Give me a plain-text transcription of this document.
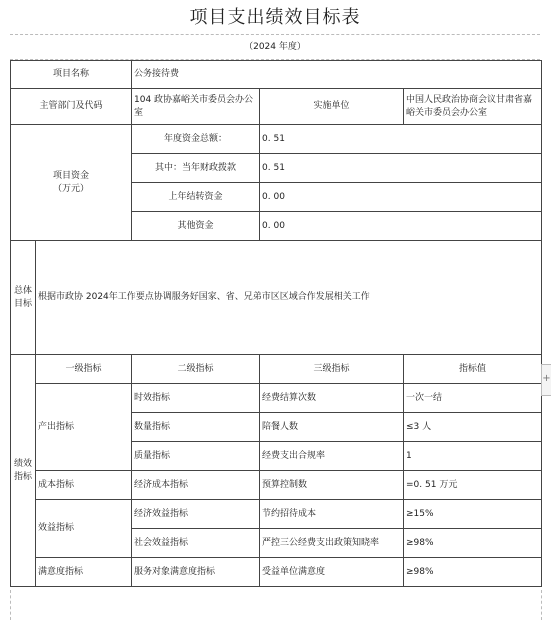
项目支出绩效目标表
（2024 年度）
项目名称		公务接待费		
主管部门及代码		104 政协嘉峪关市委员会办公室	实施单位	中国人民政治协商会议甘肃省嘉峪关市委员会办公室

项目资金
（万元）		年度资金总额：	0. 51	
		其中：当年财政拨款	0. 51	
		上年结转资金	0. 00	
		其他资金	0. 00	

总体
目标	根据市政协 2024年工作要点协调服务好国家、省、兄弟市区区域合作发展相关工作			

绩效
指标	一级指标	二级指标	三级指标	指标值
	产出指标	时效指标	经费结算次数	一次一结
		数量指标	陪餐人数	≤3 人
		质量指标	经费支出合规率	1
	成本指标	经济成本指标	预算控制数	=0. 51 万元
	效益指标	经济效益指标	节约招待成本	≥15%
		社会效益指标	严控三公经费支出政策知晓率	≥98%
	满意度指标	服务对象满意度指标	受益单位满意度	≥98%
+
